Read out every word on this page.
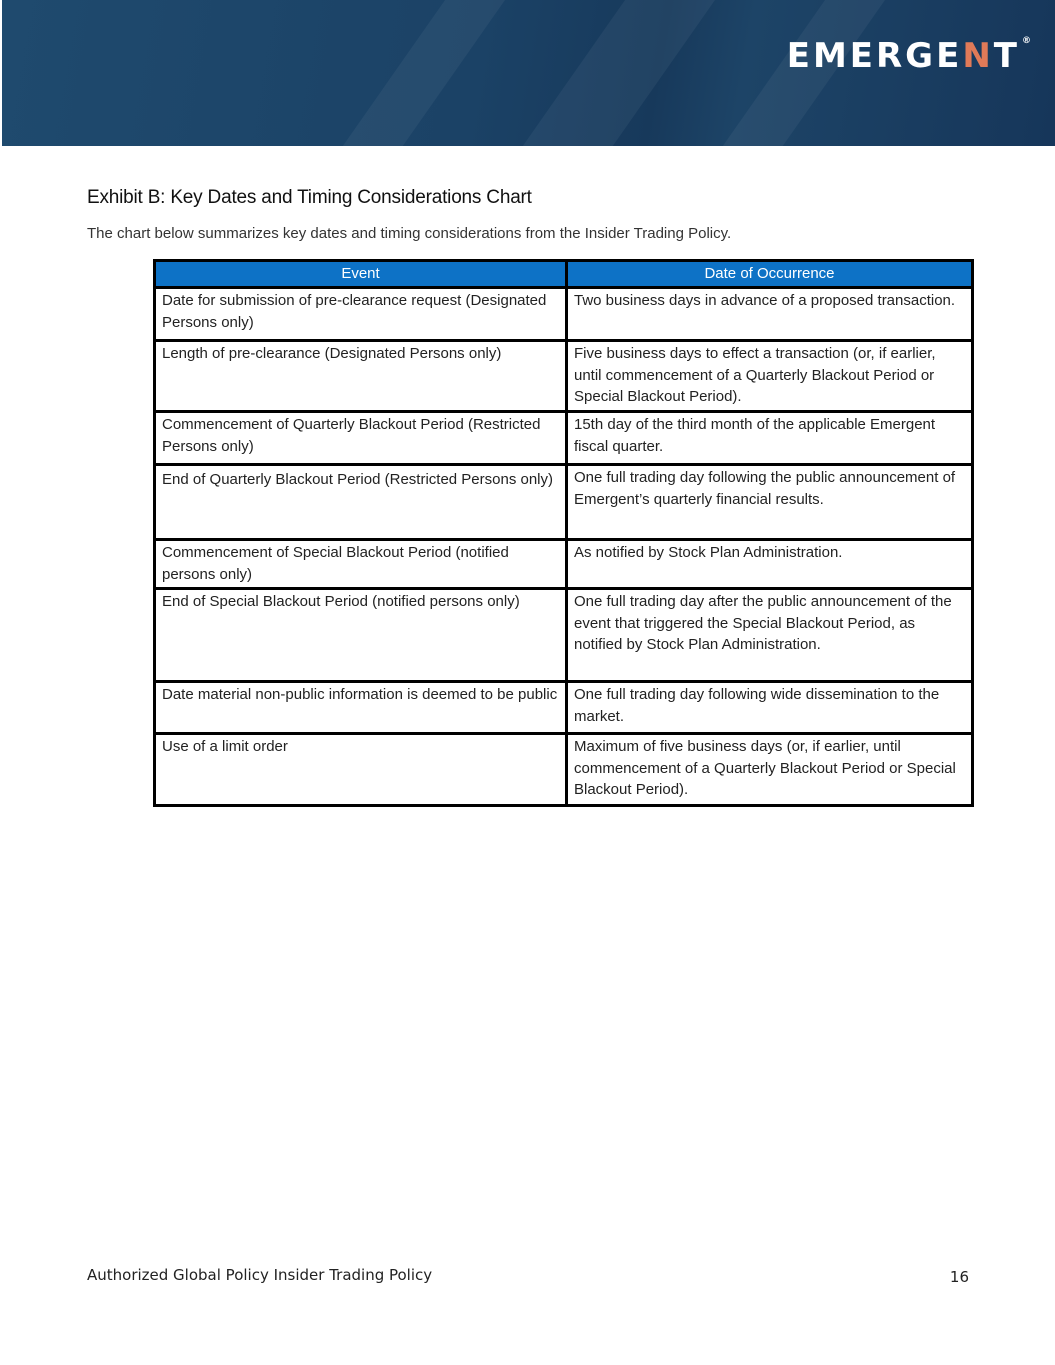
EMERGENT ®
Exhibit B: Key Dates and Timing Considerations Chart

The chart below summarizes key dates and timing considerations from the Insider Trading Policy.

Event	Date of Occurrence
Date for submission of pre-clearance request (Designated Persons only)	Two business days in advance of a proposed transaction.
Length of pre-clearance (Designated Persons only)	Five business days to effect a transaction (or, if earlier, until commencement of a Quarterly Blackout Period or Special Blackout Period).
Commencement of Quarterly Blackout Period (Restricted Persons only)	15th day of the third month of the applicable Emergent fiscal quarter.
End of Quarterly Blackout Period (Restricted Persons only)	One full trading day following the public announcement of Emergent’s quarterly financial results.
Commencement of Special Blackout Period (notified persons only)	As notified by Stock Plan Administration.
End of Special Blackout Period (notified persons only)	One full trading day after the public announcement of the event that triggered the Special Blackout Period, as notified by Stock Plan Administration.
Date material non-public information is deemed to be public	One full trading day following wide dissemination to the market.
Use of a limit order	Maximum of five business days (or, if earlier, until commencement of a Quarterly Blackout Period or Special Blackout Period).
Authorized Global Policy Insider Trading Policy	16
